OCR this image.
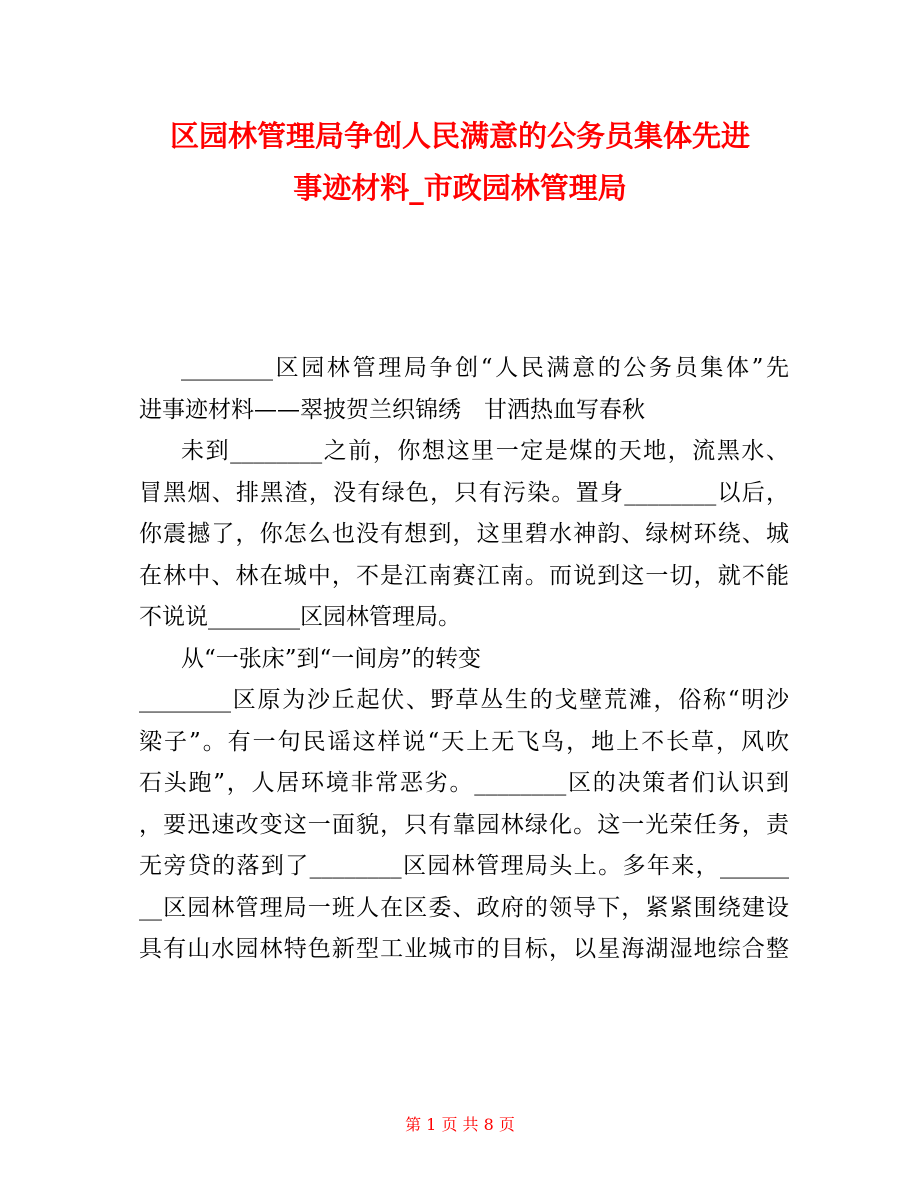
区园林管理局争创人民满意的公务员集体先进
事迹材料_市政园林管理局
________区园林管理局争创“人民满意的公务员集体”先
进事迹材料——翠披贺兰织锦绣　甘洒热血写春秋
未到________之前，你想这里一定是煤的天地，流黑水、
冒黑烟、排黑渣，没有绿色，只有污染。置身________以后，
你震撼了，你怎么也没有想到，这里碧水神韵、绿树环绕、城
在林中、林在城中，不是江南赛江南。而说到这一切，就不能
不说说________区园林管理局。
从“一张床”到“一间房”的转变
________区原为沙丘起伏、野草丛生的戈壁荒滩，俗称“明沙
梁子”。有一句民谣这样说“天上无飞鸟，地上不长草，风吹
石头跑”，人居环境非常恶劣。________区的决策者们认识到
，要迅速改变这一面貌，只有靠园林绿化。这一光荣任务，责
无旁贷的落到了________区园林管理局头上。多年来，______
__区园林管理局一班人在区委、政府的领导下，紧紧围绕建设
具有山水园林特色新型工业城市的目标，以星海湖湿地综合整
第 1 页 共 8 页
